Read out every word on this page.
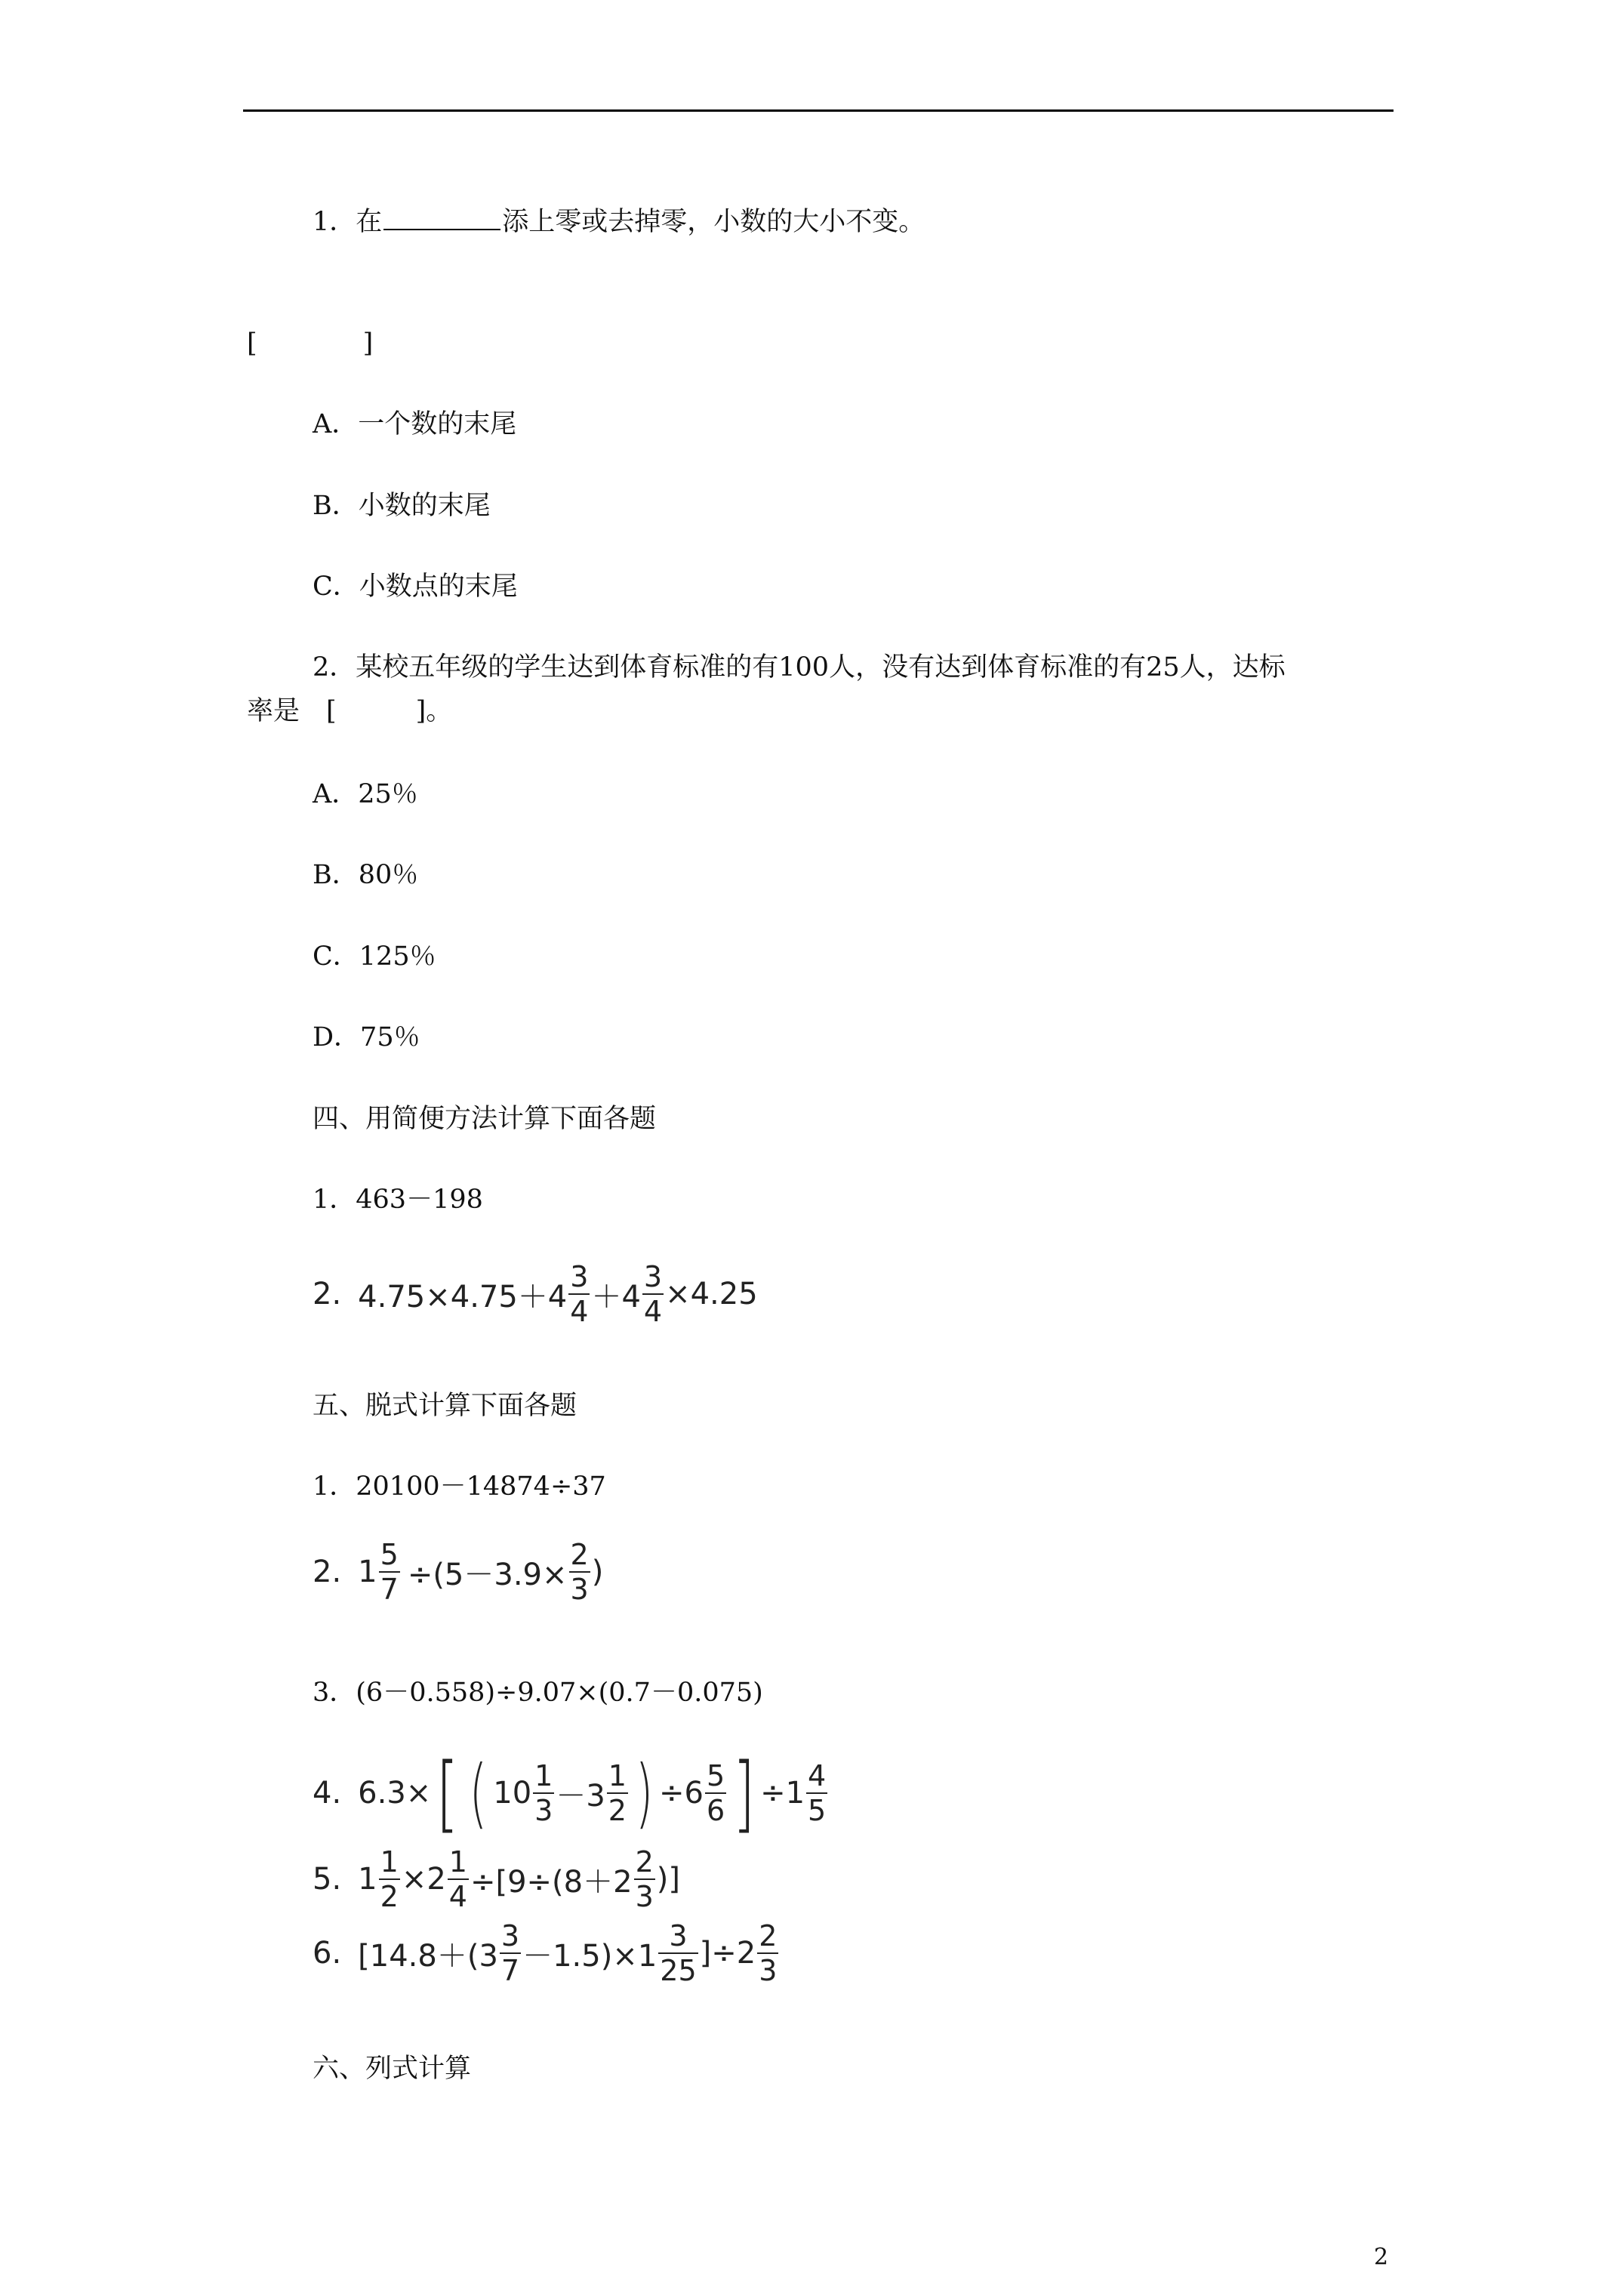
1．在	添上零或去掉零，小数的大小不变。
[	]
A．一个数的末尾
B．小数的末尾
C．小数点的末尾
2．某校五年级的学生达到体育标准的有100人，没有达到体育标准的有25人，达标
率是　[　　　]。
A．25％
B．80％
C．125％
D．75％
四、用简便方法计算下面各题
1．463－198
2. $4.75\times 4.75+4 \frac{3}{4} +4 \frac{3}{4} \times 4.25$
五、脱式计算下面各题
1．20100－14874÷37
2. $1 \frac{5}{7} \div(5-3.9\times \frac{2}{3}$ )
3．(6－0.558)÷9.07×(0.7－0.075)
4. 6.3× [ ( $10 \frac{1}{3} -3 \frac{1}{2}$ ) $\div 6 \frac{5}{6}$ ] $\div 1 \frac{4}{5}$
5. $1 \frac{1}{2} \times 2 \frac{1}{4} \div[9\div(8+2 \frac{2}{3}$ )]
6. $[14.8+(3 \frac{3}{7} -1.5)\times 1 \frac{3}{25} ]\div 2 \frac{2}{3}$
六、列式计算
2
